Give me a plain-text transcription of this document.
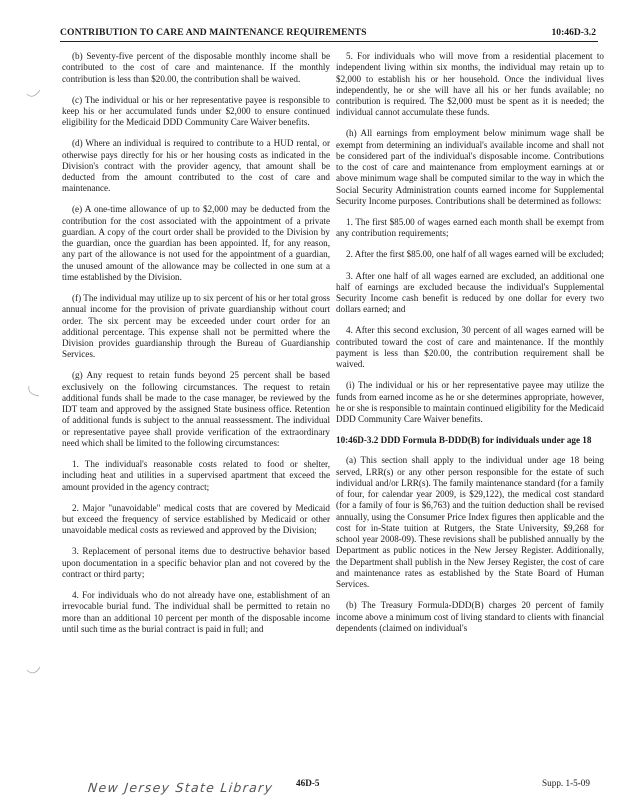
CONTRIBUTION TO CARE AND MAINTENANCE REQUIREMENTS	10:46D-3.2

(b) Seventy-five percent of the disposable monthly income shall be contributed to the cost of care and maintenance. If the monthly contribution is less than $20.00, the contribution shall be waived.

(c) The individual or his or her representative payee is responsible to keep his or her accumulated funds under $2,000 to ensure continued eligibility for the Medicaid DDD Community Care Waiver benefits.

(d) Where an individual is required to contribute to a HUD rental, or otherwise pays directly for his or her housing costs as indicated in the Division's contract with the provider agency, that amount shall be deducted from the amount contributed to the cost of care and maintenance.

(e) A one-time allowance of up to $2,000 may be deducted from the contribution for the cost associated with the appointment of a private guardian. A copy of the court order shall be provided to the Division by the guardian, once the guardian has been appointed. If, for any reason, any part of the allowance is not used for the appointment of a guardian, the unused amount of the allowance may be collected in one sum at a time established by the Division.

(f) The individual may utilize up to six percent of his or her total gross annual income for the provision of private guardianship without court order. The six percent may be exceeded under court order for an additional percentage. This expense shall not be permitted where the Division provides guardianship through the Bureau of Guardianship Services.

(g) Any request to retain funds beyond 25 percent shall be based exclusively on the following circumstances. The request to retain additional funds shall be made to the case manager, be reviewed by the IDT team and approved by the assigned State business office. Retention of additional funds is subject to the annual reassessment. The individual or representative payee shall provide verification of the extraordinary need which shall be limited to the following circumstances:

1. The individual's reasonable costs related to food or shelter, including heat and utilities in a supervised apartment that exceed the amount provided in the agency contract;

2. Major "unavoidable" medical costs that are covered by Medicaid but exceed the frequency of service established by Medicaid or other unavoidable medical costs as reviewed and approved by the Division;

3. Replacement of personal items due to destructive behavior based upon documentation in a specific behavior plan and not covered by the contract or third party;

4. For individuals who do not already have one, establishment of an irrevocable burial fund. The individual shall be permitted to retain no more than an additional 10 percent per month of the disposable income until such time as the burial contract is paid in full; and

5. For individuals who will move from a residential placement to independent living within six months, the individual may retain up to $2,000 to establish his or her household. Once the individual lives independently, he or she will have all his or her funds available; no contribution is required. The $2,000 must be spent as it is needed; the individual cannot accumulate these funds.

(h) All earnings from employment below minimum wage shall be exempt from determining an individual's available income and shall not be considered part of the individual's disposable income. Contributions to the cost of care and maintenance from employment earnings at or above minimum wage shall be computed similar to the way in which the Social Security Administration counts earned income for Supplemental Security Income purposes. Contributions shall be determined as follows:

1. The first $85.00 of wages earned each month shall be exempt from any contribution requirements;

2. After the first $85.00, one half of all wages earned will be excluded;

3. After one half of all wages earned are excluded, an additional one half of earnings are excluded because the individual's Supplemental Security Income cash benefit is reduced by one dollar for every two dollars earned; and

4. After this second exclusion, 30 percent of all wages earned will be contributed toward the cost of care and maintenance. If the monthly payment is less than $20.00, the contribution requirement shall be waived.

(i) The individual or his or her representative payee may utilize the funds from earned income as he or she determines appropriate, however, he or she is responsible to maintain continued eligibility for the Medicaid DDD Community Care Waiver benefits.

10:46D-3.2 DDD Formula B-DDD(B) for individuals under age 18

(a) This section shall apply to the individual under age 18 being served, LRR(s) or any other person responsible for the estate of such individual and/or LRR(s). The family maintenance standard (for a family of four, for calendar year 2009, is $29,122), the medical cost standard (for a family of four is $6,763) and the tuition deduction shall be revised annually, using the Consumer Price Index figures then applicable and the cost for in-State tuition at Rutgers, the State University, $9,268 for school year 2008-09). These revisions shall be published annually by the Department as public notices in the New Jersey Register. Additionally, the Department shall publish in the New Jersey Register, the cost of care and maintenance rates as established by the State Board of Human Services.

(b) The Treasury Formula-DDD(B) charges 20 percent of family income above a minimum cost of living standard to clients with financial dependents (claimed on individual's

New Jersey State Library 46D-5	Supp. 1-5-09
